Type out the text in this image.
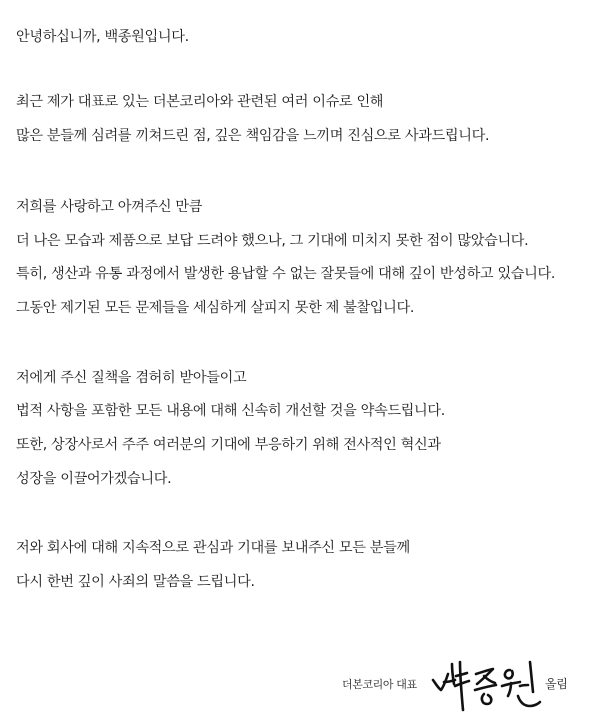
안녕하십니까, 백종원입니다.
최근 제가 대표로 있는 더본코리아와 관련된 여러 이슈로 인해
많은 분들께 심려를 끼쳐드린 점, 깊은 책임감을 느끼며 진심으로 사과드립니다.
저희를 사랑하고 아껴주신 만큼
더 나은 모습과 제품으로 보답 드려야 했으나, 그 기대에 미치지 못한 점이 많았습니다.
특히, 생산과 유통 과정에서 발생한 용납할 수 없는 잘못들에 대해 깊이 반성하고 있습니다.
그동안 제기된 모든 문제들을 세심하게 살피지 못한 제 불찰입니다.
저에게 주신 질책을 겸허히 받아들이고
법적 사항을 포함한 모든 내용에 대해 신속히 개선할 것을 약속드립니다.
또한, 상장사로서 주주 여러분의 기대에 부응하기 위해 전사적인 혁신과
성장을 이끌어가겠습니다.
저와 회사에 대해 지속적으로 관심과 기대를 보내주신 모든 분들께
다시 한번 깊이 사죄의 말씀을 드립니다.
더본코리아 대표	올림
